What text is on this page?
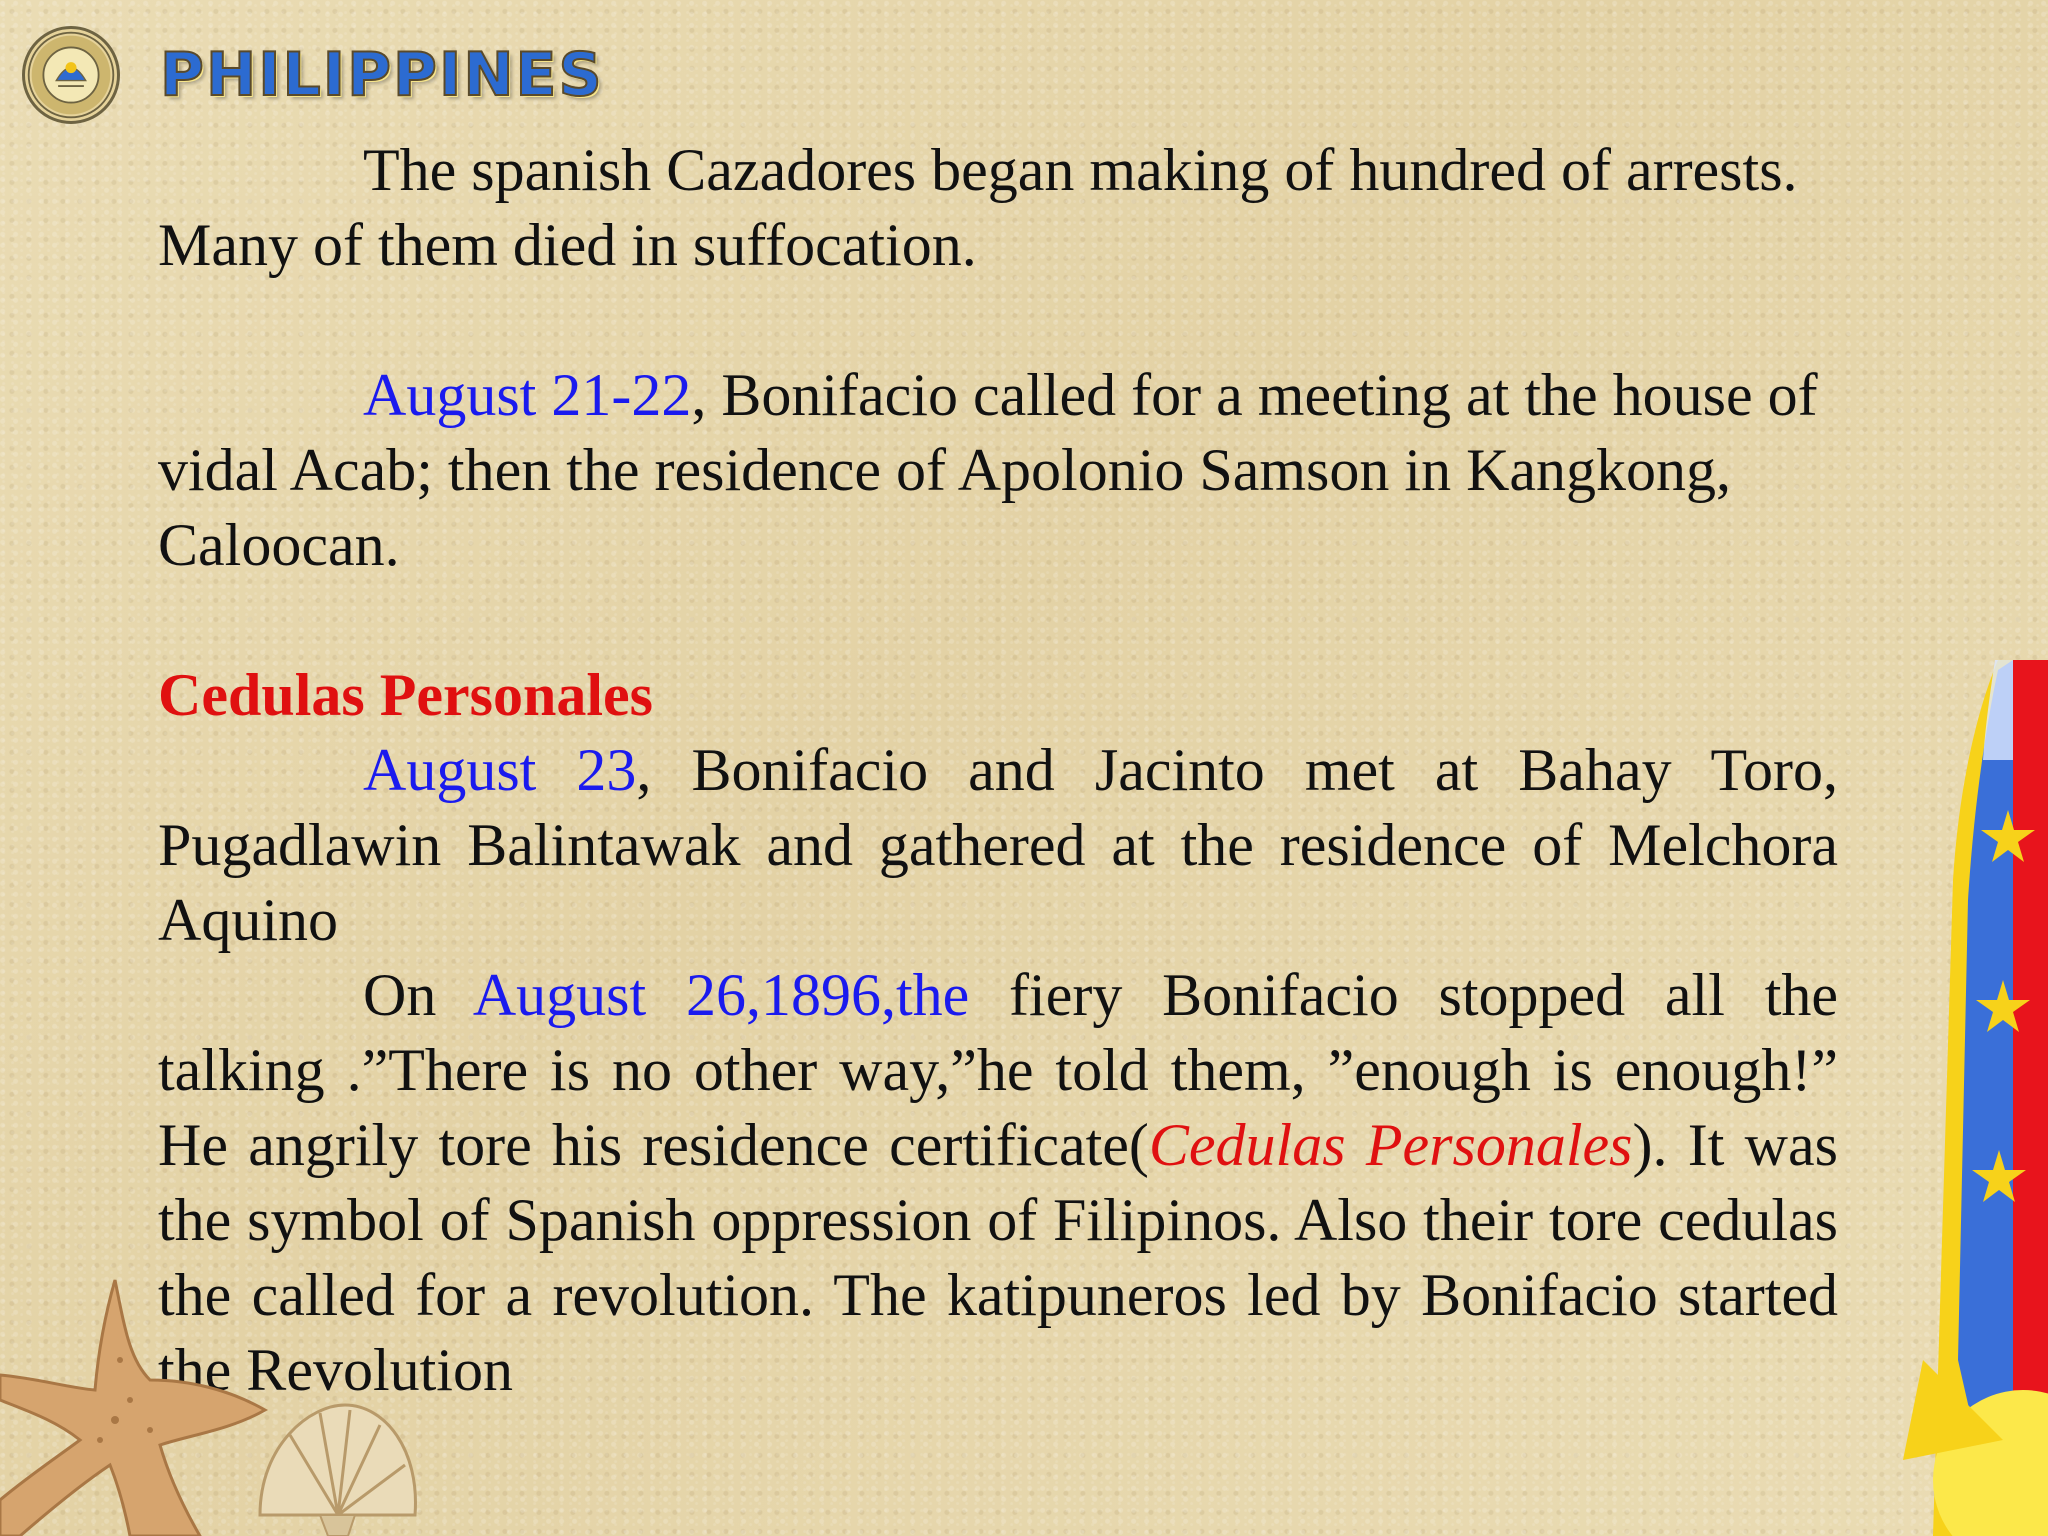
PHILIPPINES

The spanish Cazadores began making of hundred of arrests. Many of them died in suffocation.

August 21-22, Bonifacio called for a meeting at the house of vidal Acab; then the residence of Apolonio Samson in Kangkong, Caloocan.

Cedulas Personales

August 23, Bonifacio and Jacinto met at Bahay Toro, Pugadlawin Balintawak and gathered at the residence of Melchora Aquino

On August 26,1896,the fiery Bonifacio stopped all the talking .”There is no other way,”he told them, ”enough is enough!” He angrily tore his residence certificate(Cedulas Personales). It was the symbol of Spanish oppression of Filipinos. Also their tore cedulas the called for a revolution. The katipuneros led by Bonifacio started the Revolution
